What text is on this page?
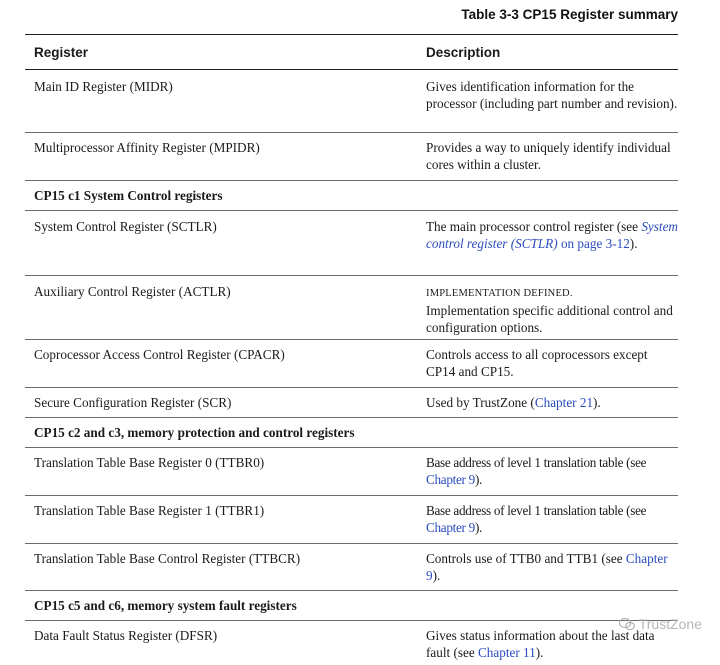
Table 3-3 CP15 Register summary
Register	Description
Main ID Register (MIDR)	Gives identification information for the processor (including part number and revision).
Multiprocessor Affinity Register (MPIDR)	Provides a way to uniquely identify individual cores within a cluster.
CP15 c1 System Control registers
System Control Register (SCTLR)	The main processor control register (see System control register (SCTLR) on page 3-12).
Auxiliary Control Register (ACTLR)	IMPLEMENTATION DEFINED.
Implementation specific additional control and configuration options.
Coprocessor Access Control Register (CPACR)	Controls access to all coprocessors except CP14 and CP15.
Secure Configuration Register (SCR)	Used by TrustZone (Chapter 21).
CP15 c2 and c3, memory protection and control registers
Translation Table Base Register 0 (TTBR0)	Base address of level 1 translation table (see Chapter 9).
Translation Table Base Register 1 (TTBR1)	Base address of level 1 translation table (see Chapter 9).
Translation Table Base Control Register (TTBCR)	Controls use of TTB0 and TTB1 (see Chapter 9).
CP15 c5 and c6, memory system fault registers
Data Fault Status Register (DFSR)	Gives status information about the last data fault (see Chapter 11).
TrustZone
